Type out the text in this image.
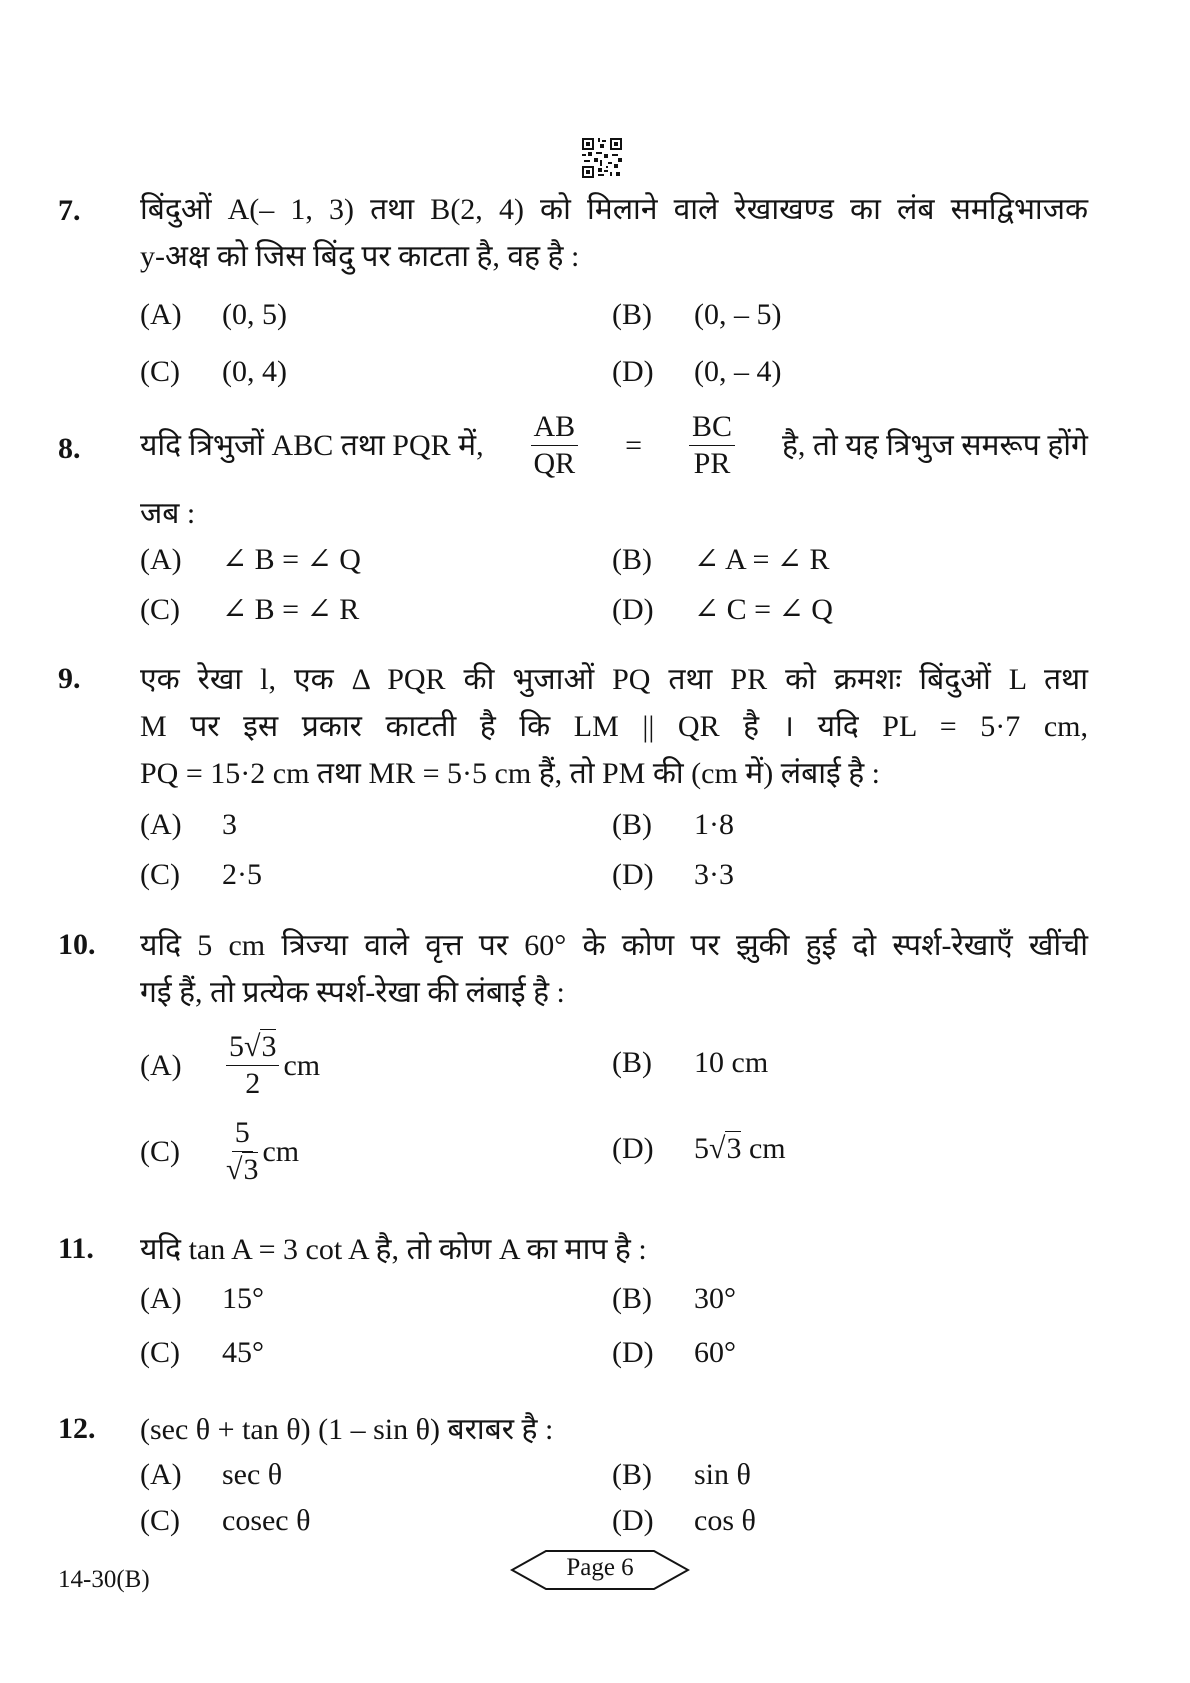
7. बिंदुओं A(– 1, 3) तथा B(2, 4) को मिलाने वाले रेखाखण्ड का लंब समद्विभाजक
y-अक्ष को जिस बिंदु पर काटता है, वह है :
(A) (0, 5)	(B) (0, – 5)
(C) (0, 4)	(D) (0, – 4)
8. यदि त्रिभुजों ABC तथा PQR में, $\frac{AB}{QR} = \frac{BC}{PR}$ है, तो यह त्रिभुज समरूप होंगे
जब :
(A) ∠ B = ∠ Q	(B) ∠ A = ∠ R
(C) ∠ B = ∠ R	(D) ∠ C = ∠ Q
9. एक रेखा l, एक Δ PQR की भुजाओं PQ तथा PR को क्रमशः बिंदुओं L तथा
M पर इस प्रकार काटती है कि LM || QR है । यदि PL = 5·7 cm,
PQ = 15·2 cm तथा MR = 5·5 cm हैं, तो PM की (cm में) लंबाई है :
(A) 3	(B) 1·8
(C) 2·5	(D) 3·3
10. यदि 5 cm त्रिज्या वाले वृत्त पर 60° के कोण पर झुकी हुई दो स्पर्श-रेखाएँ खींची
गई हैं, तो प्रत्येक स्पर्श-रेखा की लंबाई है :
(A)	$\frac{5√3}{2}$ cm	(B) 10 cm
(C)	$\frac{5}{√3}$ cm	(D) 5√3 cm
11. यदि tan A = 3 cot A है, तो कोण A का माप है :
(A) 15°	(B) 30°
(C) 45°	(D) 60°
12. (sec θ + tan θ) (1 – sin θ) बराबर है :
(A) sec θ	(B) sin θ
(C) cosec θ	(D) cos θ
14-30(B)	Page 6
